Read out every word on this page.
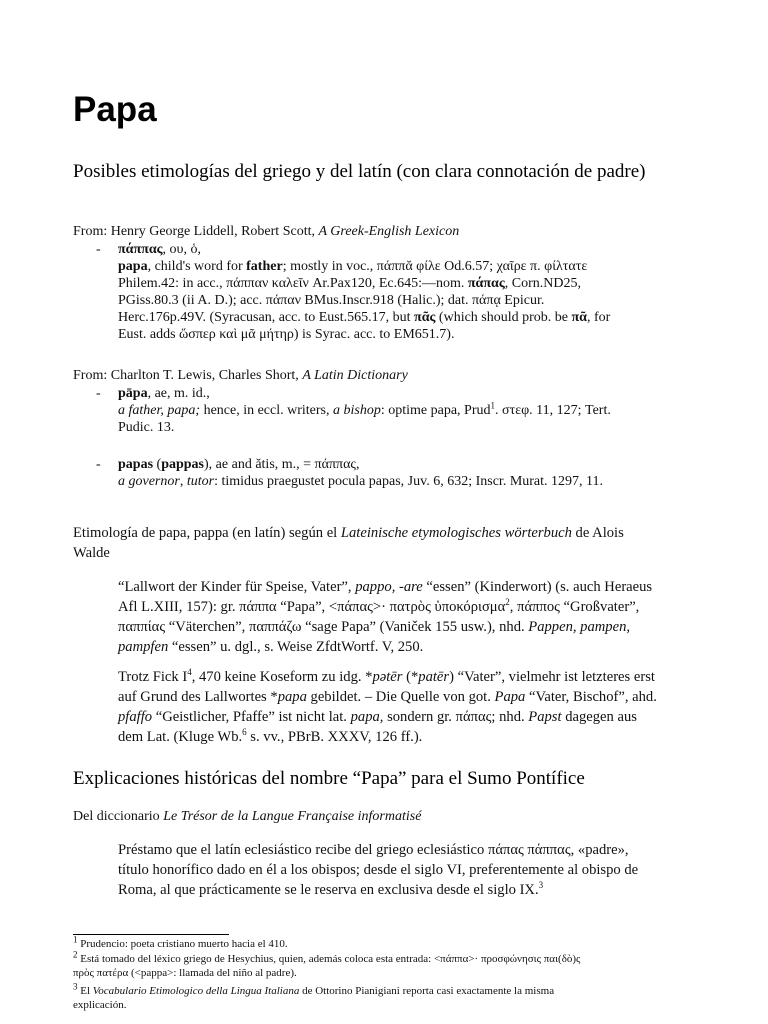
Papa
Posibles etimologías del griego y del latín (con clara connotación de padre)

From: Henry George Liddell, Robert Scott, A Greek-English Lexicon

- πάππας, ου, ὁ,
papa, child's word for father; mostly in voc., πάππᾰ φίλε Od.6.57; χαῖρε π. φίλτατε
Philem.42: in acc., πάππαν καλεῖν Ar.Pax120, Ec.645:—nom. πάπας, Corn.ND25,
PGiss.80.3 (ii A. D.); acc. πάπαν BMus.Inscr.918 (Halic.); dat. πάπᾳ Epicur.
Herc.176p.49V. (Syracusan, acc. to Eust.565.17, but πᾶς (which should prob. be πᾶ, for
Eust. adds ὥσπερ καὶ μᾶ μήτηρ) is Syrac. acc. to EM651.7).

From: Charlton T. Lewis, Charles Short, A Latin Dictionary

- pāpa, ae, m. id.,
a father, papa; hence, in eccl. writers, a bishop: optime papa, Prud$^1$. στεφ. 11, 127; Tert.
Pudic. 13.
- papas (pappas), ae and ătis, m., = πάππας,
a governor, tutor: timidus praegustet pocula papas, Juv. 6, 632; Inscr. Murat. 1297, 11.
Etimología de papa, pappa (en latín) según el Lateinische etymologisches wörterbuch de Alois
Walde
“Lallwort der Kinder für Speise, Vater”, pappo, -are “essen” (Kinderwort) (s. auch Heraeus
Afl L.XIII, 157): gr. πάππα “Papa”, <πάπας>· πατρὸς ὑποκόρισμα$^2$, πάππος “Großvater”,
παππίας “Väterchen”, παππάζω “sage Papa” (Vaniček 155 usw.), nhd. Pappen, pampen,
pampfen “essen” u. dgl., s. Weise ZfdtWortf. V, 250.
Trotz Fick $I^4$, 470 keine Koseform zu idg. *pətēr (*patēr) “Vater”, vielmehr ist letzteres erst
auf Grund des Lallwortes *papa gebildet. – Die Quelle von got. Papa “Vater, Bischof”, ahd.
pfaffo “Geistlicher, Pfaffe” ist nicht lat. papa, sondern gr. πάπας; nhd. Papst dagegen aus
dem Lat. (Kluge Wb.$^6$ s. vv., PBrB. XXXV, 126 ff.).
Explicaciones históricas del nombre “Papa” para el Sumo Pontífice

Del diccionario Le Trésor de la Langue Française informatisé

Préstamo que el latín eclesiástico recibe del griego eclesiástico πάπας πάππας, «padre»,
título honorífico dado en él a los obispos; desde el siglo VI, preferentemente al obispo de
Roma, al que prácticamente se le reserva en exclusiva desde el siglo IX.$^3$
$^1$ Prudencio: poeta cristiano muerto hacia el 410.
$^2$ Está tomado del léxico griego de Hesychius, quien, además coloca esta entrada: <πάππα>· προσφώνησις παι(δὸ)ς
πρὸς πατέρα (<pappa>: llamada del niño al padre).
$^3$ El Vocabulario Etimologico della Lingua Italiana de Ottorino Pianigiani reporta casi exactamente la misma
explicación.
